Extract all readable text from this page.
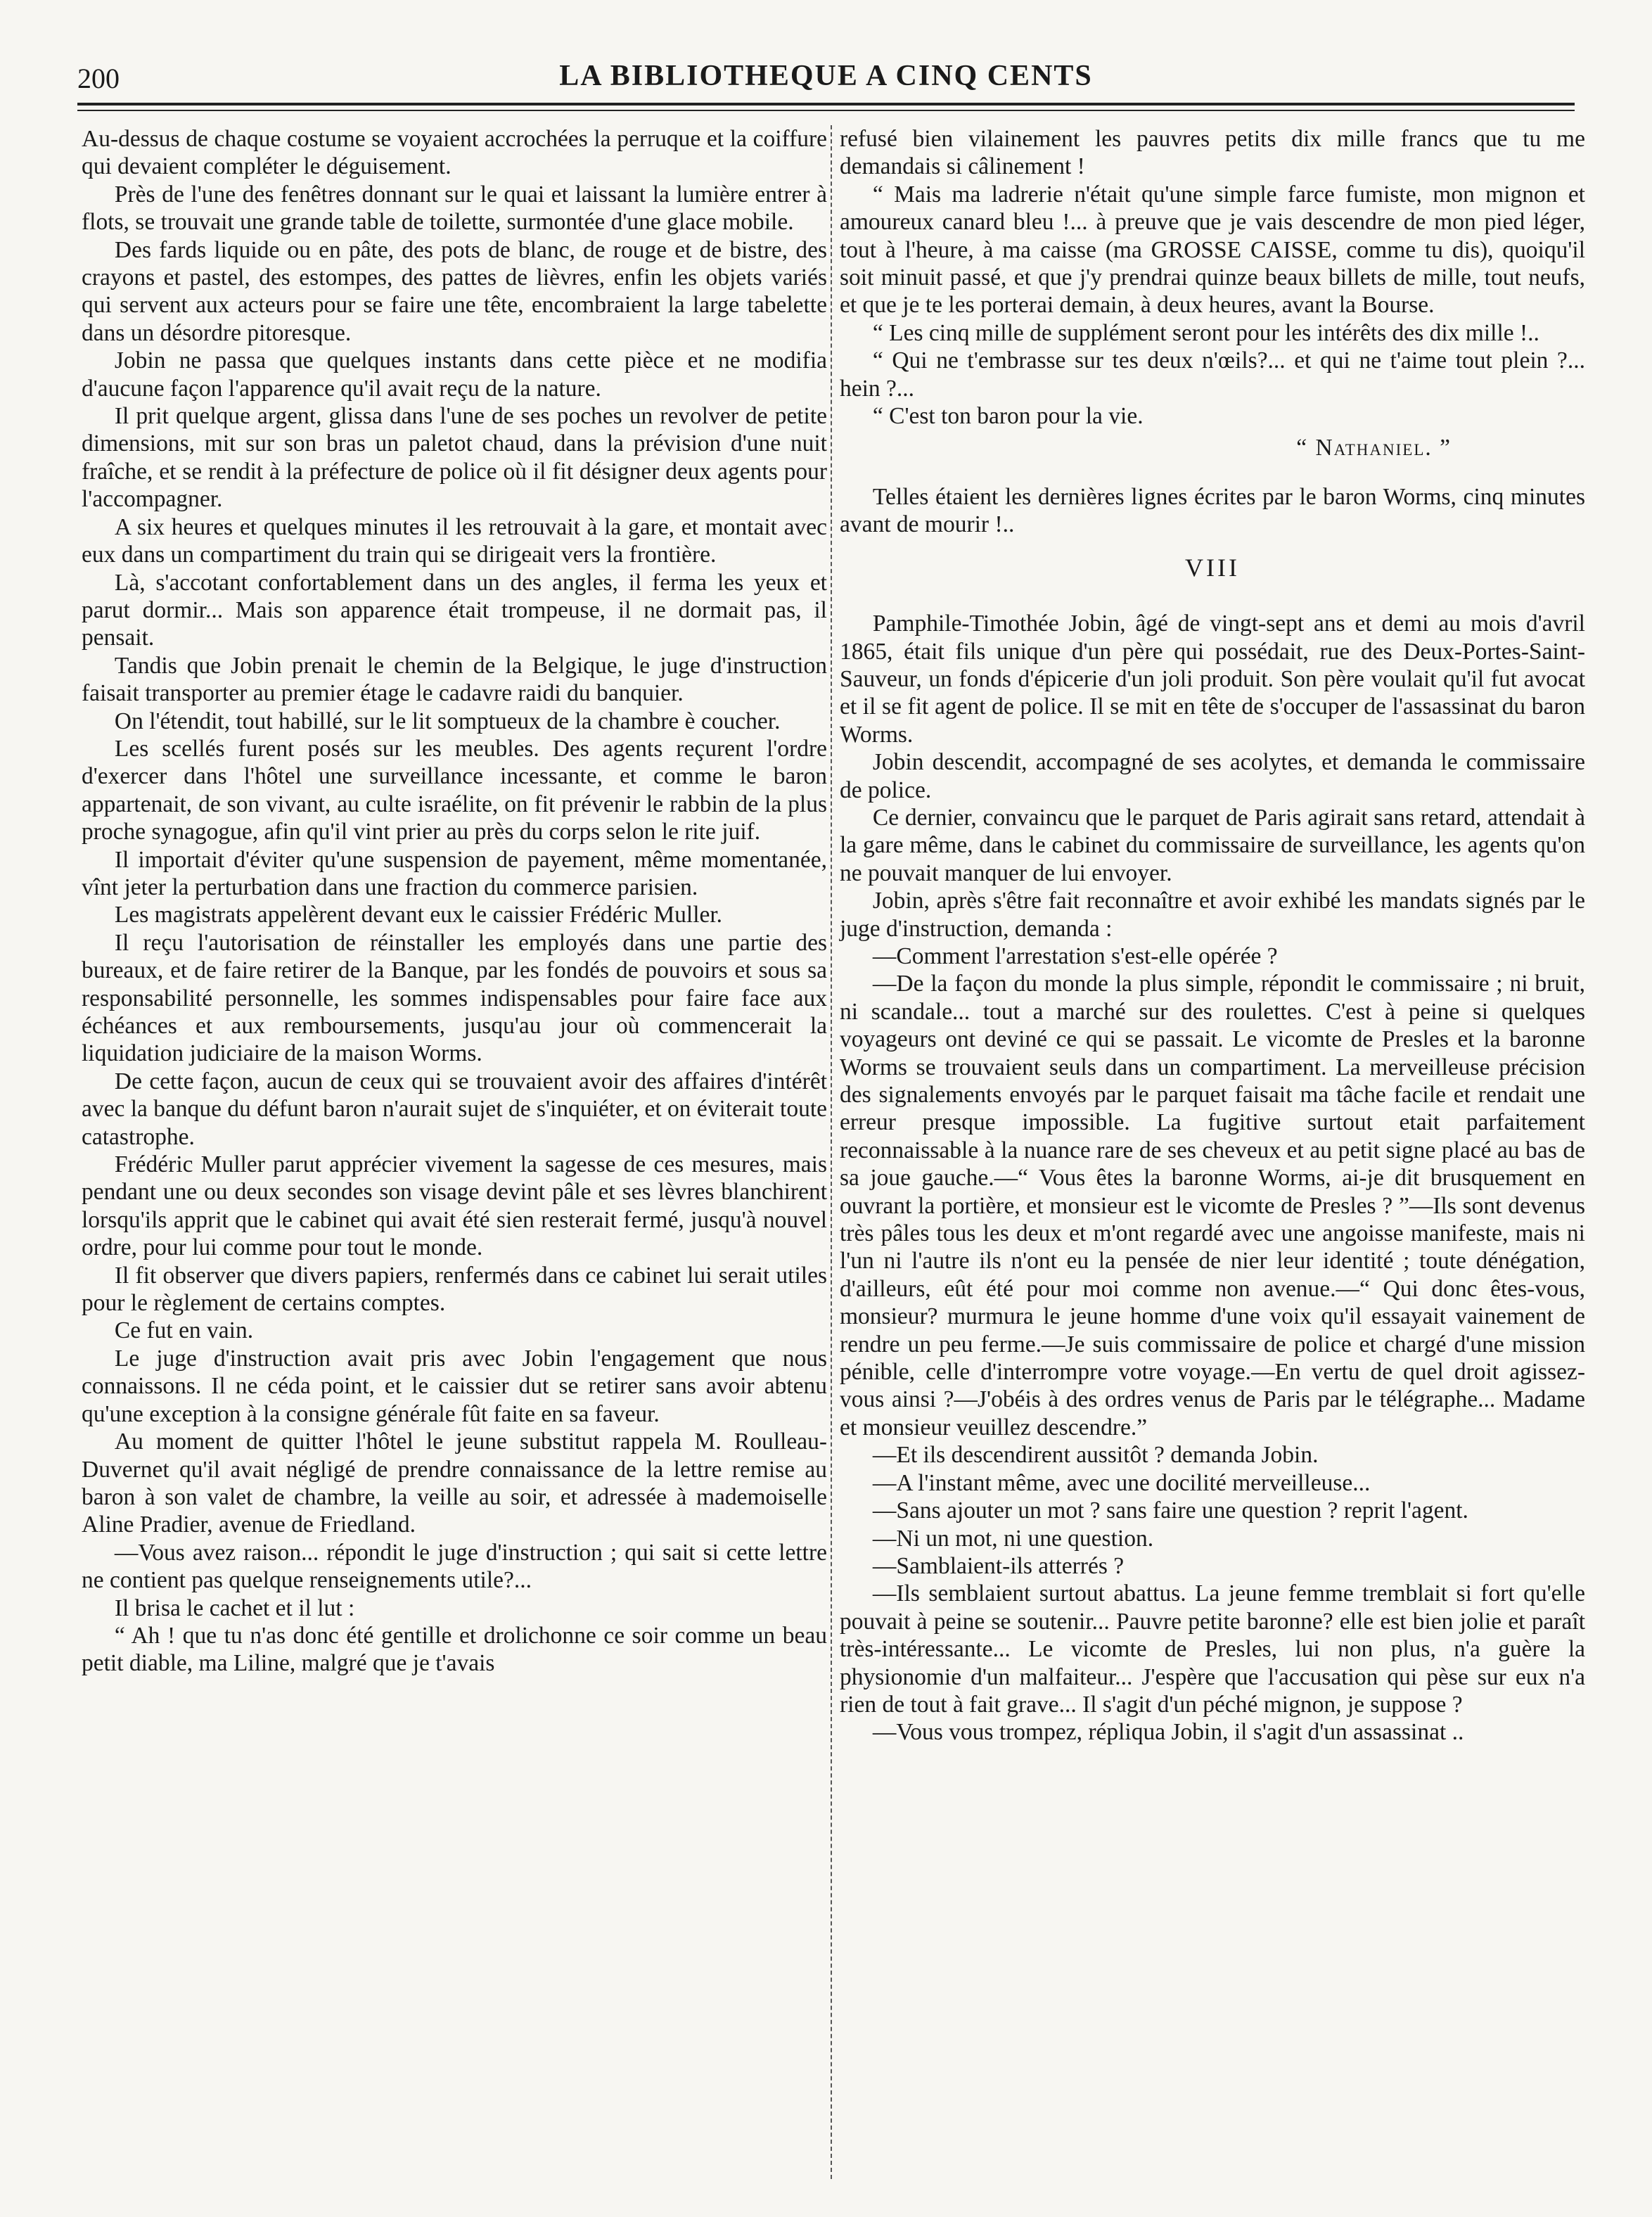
200	LA BIBLIOTHEQUE A CINQ CENTS

Au-dessus de chaque costume se voyaient accrochées la perruque et la coiffure qui devaient compléter le déguisement.

Près de l'une des fenêtres donnant sur le quai et laissant la lumière entrer à flots, se trouvait une grande table de toilette, surmontée d'une glace mobile.

Des fards liquide ou en pâte, des pots de blanc, de rouge et de bistre, des crayons et pastel, des estompes, des pattes de lièvres, enfin les objets variés qui servent aux acteurs pour se faire une tête, encombraient la large tabelette dans un désordre pitoresque.

Jobin ne passa que quelques instants dans cette pièce et ne modifia d'aucune façon l'apparence qu'il avait reçu de la nature.

Il prit quelque argent, glissa dans l'une de ses poches un revolver de petite dimensions, mit sur son bras un paletot chaud, dans la prévision d'une nuit fraîche, et se rendit à la préfecture de police où il fit désigner deux agents pour l'accompagner.

A six heures et quelques minutes il les retrouvait à la gare, et montait avec eux dans un compartiment du train qui se dirigeait vers la frontière.

Là, s'accotant confortablement dans un des angles, il ferma les yeux et parut dormir... Mais son apparence était trompeuse, il ne dormait pas, il pensait.

Tandis que Jobin prenait le chemin de la Belgique, le juge d'instruction faisait transporter au premier étage le cadavre raidi du banquier.

On l'étendit, tout habillé, sur le lit somptueux de la chambre è coucher.

Les scellés furent posés sur les meubles. Des agents reçurent l'ordre d'exercer dans l'hôtel une surveillance incessante, et comme le baron appartenait, de son vivant, au culte israélite, on fit prévenir le rabbin de la plus proche synagogue, afin qu'il vint prier au près du corps selon le rite juif.

Il importait d'éviter qu'une suspension de payement, même momentanée, vînt jeter la perturbation dans une fraction du commerce parisien.

Les magistrats appelèrent devant eux le caissier Frédéric Muller.

Il reçu l'autorisation de réinstaller les employés dans une partie des bureaux, et de faire retirer de la Banque, par les fondés de pouvoirs et sous sa responsabilité personnelle, les sommes indispensables pour faire face aux échéances et aux remboursements, jusqu'au jour où commencerait la liquidation judiciaire de la maison Worms.

De cette façon, aucun de ceux qui se trouvaient avoir des affaires d'intérêt avec la banque du défunt baron n'aurait sujet de s'inquiéter, et on éviterait toute catastrophe.

Frédéric Muller parut apprécier vivement la sagesse de ces mesures, mais pendant une ou deux secondes son visage devint pâle et ses lèvres blanchirent lorsqu'ils apprit que le cabinet qui avait été sien resterait fermé, jusqu'à nouvel ordre, pour lui comme pour tout le monde.

Il fit observer que divers papiers, renfermés dans ce cabinet lui serait utiles pour le règlement de certains comptes.

Ce fut en vain.

Le juge d'instruction avait pris avec Jobin l'engagement que nous connaissons. Il ne céda point, et le caissier dut se retirer sans avoir abtenu qu'une exception à la consigne générale fût faite en sa faveur.

Au moment de quitter l'hôtel le jeune substitut rappela M. Roulleau-Duvernet qu'il avait négligé de prendre connaissance de la lettre remise au baron à son valet de chambre, la veille au soir, et adressée à mademoiselle Aline Pradier, avenue de Friedland.

—Vous avez raison... répondit le juge d'instruction ; qui sait si cette lettre ne contient pas quelque renseignements utile?...

Il brisa le cachet et il lut :

“ Ah ! que tu n'as donc été gentille et drolichonne ce soir comme un beau petit diable, ma Liline, malgré que je t'avais

refusé bien vilainement les pauvres petits dix mille francs que tu me demandais si câlinement !

“ Mais ma ladrerie n'était qu'une simple farce fumiste, mon mignon et amoureux canard bleu !... à preuve que je vais descendre de mon pied léger, tout à l'heure, à ma caisse (ma GROSSE CAISSE, comme tu dis), quoiqu'il soit minuit passé, et que j'y prendrai quinze beaux billets de mille, tout neufs, et que je te les porterai demain, à deux heures, avant la Bourse.

“ Les cinq mille de supplément seront pour les intérêts des dix mille !..

“ Qui ne t'embrasse sur tes deux n'œils?... et qui ne t'aime tout plein ?... hein ?...

“ C'est ton baron pour la vie.

“ Nathaniel. ”

Telles étaient les dernières lignes écrites par le baron Worms, cinq minutes avant de mourir !..

VIII

Pamphile-Timothée Jobin, âgé de vingt-sept ans et demi au mois d'avril 1865, était fils unique d'un père qui possédait, rue des Deux-Portes-Saint-Sauveur, un fonds d'épicerie d'un joli produit. Son père voulait qu'il fut avocat et il se fit agent de police. Il se mit en tête de s'occuper de l'assassinat du baron Worms.

Jobin descendit, accompagné de ses acolytes, et demanda le commissaire de police.

Ce dernier, convaincu que le parquet de Paris agirait sans retard, attendait à la gare même, dans le cabinet du commissaire de surveillance, les agents qu'on ne pouvait manquer de lui envoyer.

Jobin, après s'être fait reconnaître et avoir exhibé les mandats signés par le juge d'instruction, demanda :

—Comment l'arrestation s'est-elle opérée ?

—De la façon du monde la plus simple, répondit le commissaire ; ni bruit, ni scandale... tout a marché sur des roulettes. C'est à peine si quelques voyageurs ont deviné ce qui se passait. Le vicomte de Presles et la baronne Worms se trouvaient seuls dans un compartiment. La merveilleuse précision des signalements envoyés par le parquet faisait ma tâche facile et rendait une erreur presque impossible. La fugitive surtout etait parfaitement reconnaissable à la nuance rare de ses cheveux et au petit signe placé au bas de sa joue gauche.—“ Vous êtes la baronne Worms, ai-je dit brusquement en ouvrant la portière, et monsieur est le vicomte de Presles ? ”—Ils sont devenus très pâles tous les deux et m'ont regardé avec une angoisse manifeste, mais ni l'un ni l'autre ils n'ont eu la pensée de nier leur identité ; toute dénégation, d'ailleurs, eût été pour moi comme non avenue.—“ Qui donc êtes-vous, monsieur? murmura le jeune homme d'une voix qu'il essayait vainement de rendre un peu ferme.—Je suis commissaire de police et chargé d'une mission pénible, celle d'interrompre votre voyage.—En vertu de quel droit agissez-vous ainsi ?—J'obéis à des ordres venus de Paris par le télégraphe... Madame et monsieur veuillez descendre.”

—Et ils descendirent aussitôt ? demanda Jobin.

—A l'instant même, avec une docilité merveilleuse...

—Sans ajouter un mot ? sans faire une question ? reprit l'agent.

—Ni un mot, ni une question.

—Samblaient-ils atterrés ?

—Ils semblaient surtout abattus. La jeune femme tremblait si fort qu'elle pouvait à peine se soutenir... Pauvre petite baronne? elle est bien jolie et paraît très-intéressante... Le vicomte de Presles, lui non plus, n'a guère la physionomie d'un malfaiteur... J'espère que l'accusation qui pèse sur eux n'a rien de tout à fait grave... Il s'agit d'un péché mignon, je suppose ?

—Vous vous trompez, répliqua Jobin, il s'agit d'un assassinat ..
